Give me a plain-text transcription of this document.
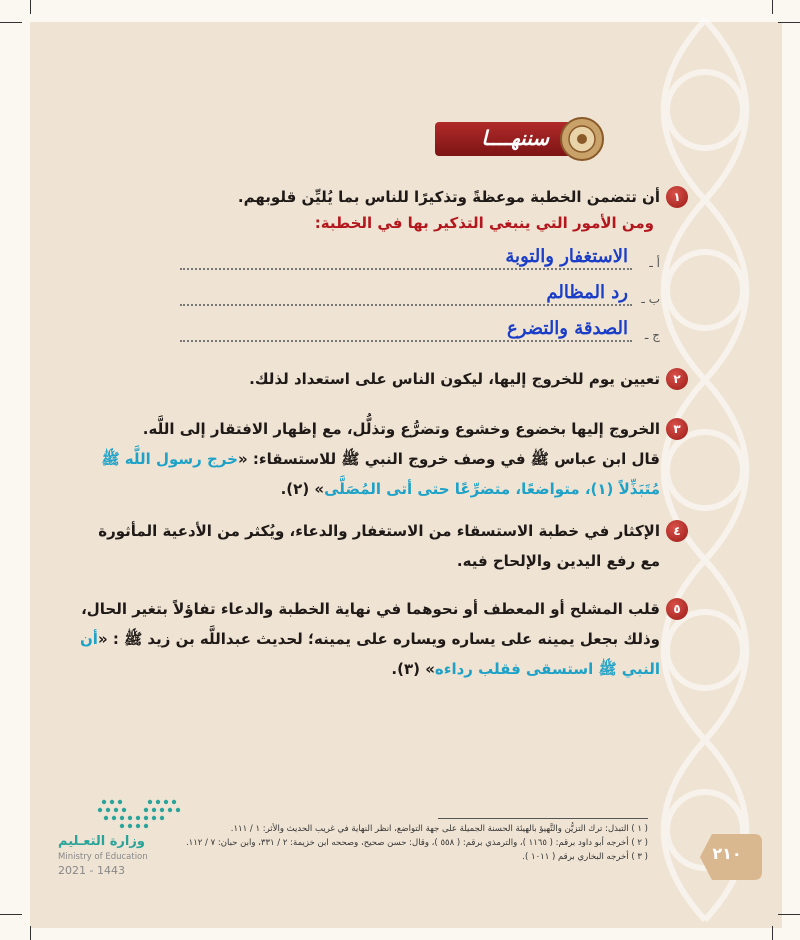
سننهــــا
١
أن تتضمن الخطبة موعظةً وتذكيرًا للناس بما يُليِّن قلوبهم.
ومن الأمور التي ينبغي التذكير بها في الخطبة:
أ ـ
الاستغفار والتوبة
ب ـ
رد المظالم
ج ـ
الصدقة والتضرع
٢
تعيين يوم للخروج إليها، ليكون الناس على استعداد لذلك.
٣
الخروج إليها بخضوع وخشوع وتضرُّع وتذلُّل، مع إظهار الافتقار إلى اللَّه.
قال ابن عباس ﷺ في وصف خروج النبي ﷺ للاستسقاء: «خرج رسول اللَّه ﷺ
مُتَبَذِّلاً (١)، متواضعًا، متضرِّعًا حتى أتى المُصَلَّى» (٢).
٤
الإكثار في خطبة الاستسقاء من الاستغفار والدعاء، ويُكثر من الأدعية المأثورة
مع رفع اليدين والإلحاح فيه.
٥
قلب المشلح أو المعطف أو نحوهما في نهاية الخطبة والدعاء تفاؤلاً بتغير الحال،
وذلك بجعل يمينه على يساره ويساره على يمينه؛ لحديث عبداللَّه بن زيد ﷺ : «أن
النبي ﷺ استسقى فقلب رداءه» (٣).
( ١ ) التبذل: ترك التزيُّن والتَّهيؤ بالهيئة الحسنة الجميلة على جهة التواضع، انظر النهاية في غريب الحديث والأثر: ١ / ١١١.
( ٢ ) أخرجه أبو داود برقم: ( ١١٦٥ )، والترمذي برقم: ( ٥٥٨ )، وقال: حسن صحيح، وصححه ابن خزيمة: ٢ / ٣٣١، وابن حبان: ٧ / ١١٢.
( ٣ ) أخرجه البخاري برقم ( ١٠١١ ).	٢١٠
وزارة التعـليم
Ministry of Education
2021 - 1443
